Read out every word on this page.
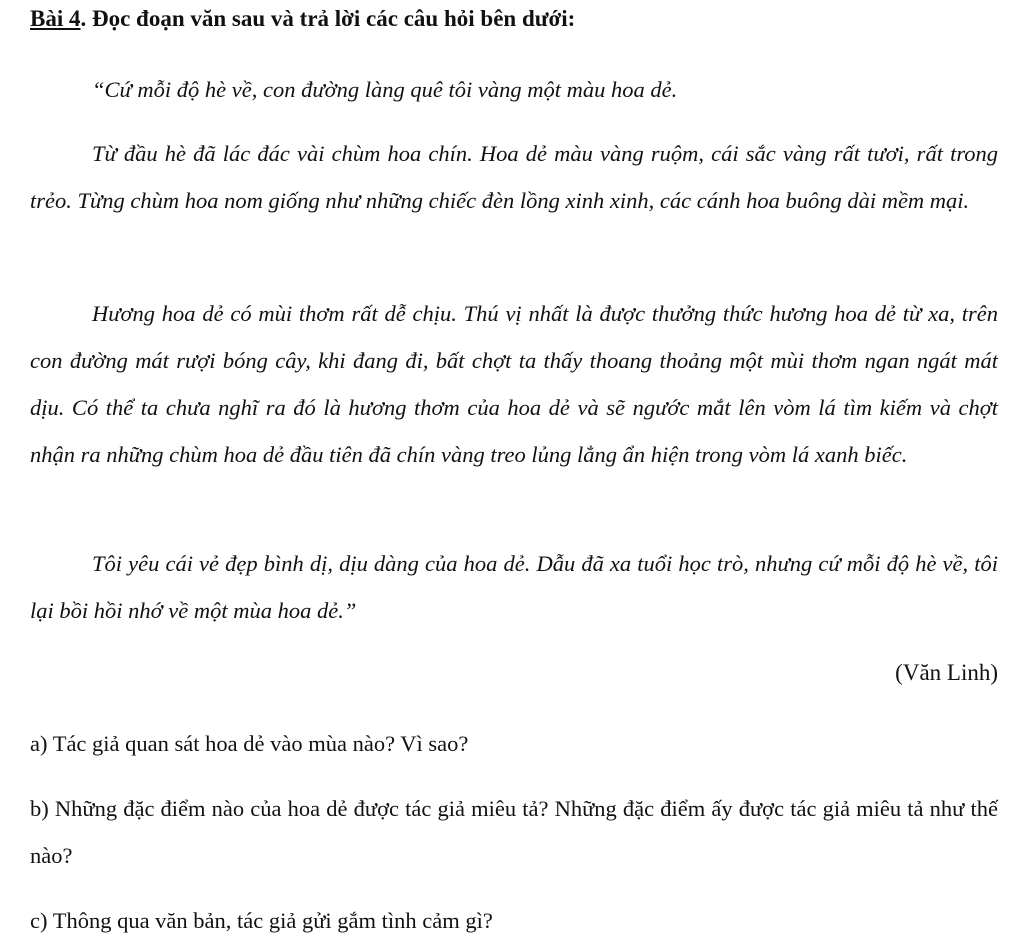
Bài 4. Đọc đoạn văn sau và trả lời các câu hỏi bên dưới:

“Cứ mỗi độ hè về, con đường làng quê tôi vàng một màu hoa dẻ.

Từ đầu hè đã lác đác vài chùm hoa chín. Hoa dẻ màu vàng ruộm, cái sắc vàng rất tươi, rất trong trẻo. Từng chùm hoa nom giống như những chiếc đèn lồng xinh xinh, các cánh hoa buông dài mềm mại.

Hương hoa dẻ có mùi thơm rất dễ chịu. Thú vị nhất là được thưởng thức hương hoa dẻ từ xa, trên con đường mát rượi bóng cây, khi đang đi, bất chợt ta thấy thoang thoảng một mùi thơm ngan ngát mát dịu. Có thể ta chưa nghĩ ra đó là hương thơm của hoa dẻ và sẽ ngước mắt lên vòm lá tìm kiếm và chợt nhận ra những chùm hoa dẻ đầu tiên đã chín vàng treo lủng lẳng ẩn hiện trong vòm lá xanh biếc.

Tôi yêu cái vẻ đẹp bình dị, dịu dàng của hoa dẻ. Dẫu đã xa tuổi học trò, nhưng cứ mỗi độ hè về, tôi lại bồi hồi nhớ về một mùa hoa dẻ.”

(Văn Linh)

a) Tác giả quan sát hoa dẻ vào mùa nào? Vì sao?

b) Những đặc điểm nào của hoa dẻ được tác giả miêu tả? Những đặc điểm ấy được tác giả miêu tả như thế nào?

c) Thông qua văn bản, tác giả gửi gắm tình cảm gì?
